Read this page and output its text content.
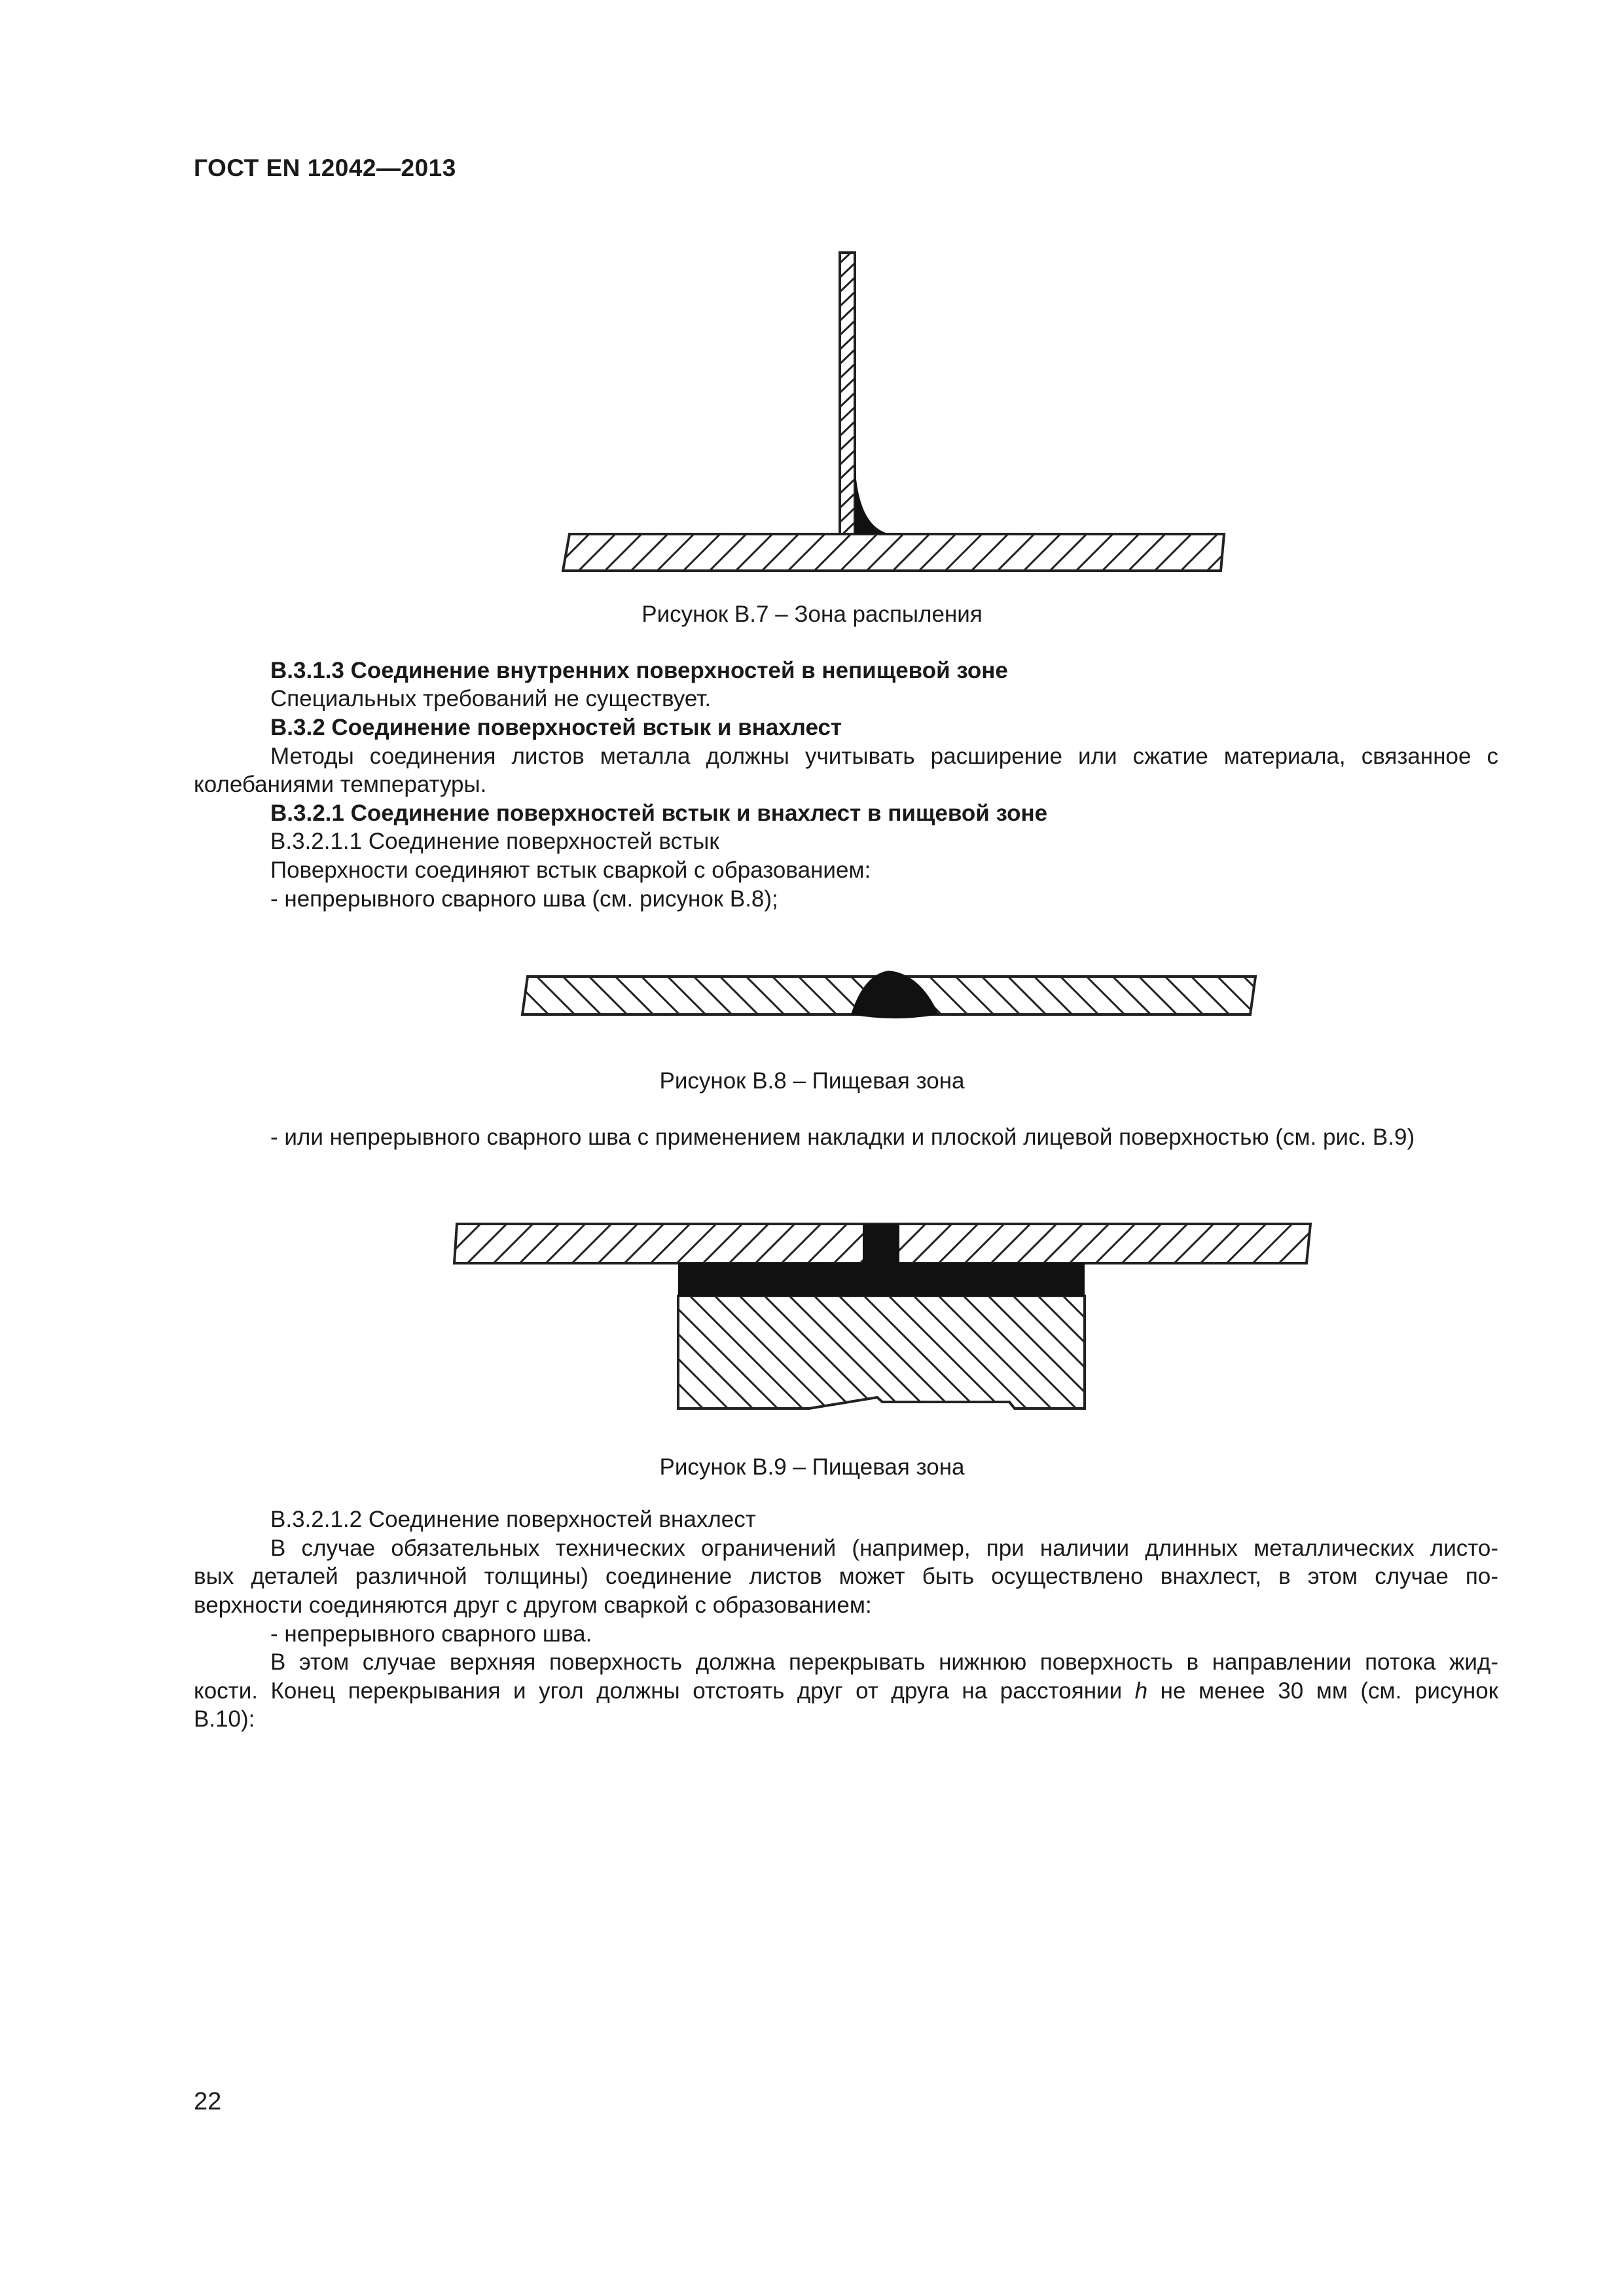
ГОСТ EN 12042—2013
Рисунок В.7 – Зона распыления
В.3.1.3 Соединение внутренних поверхностей в непищевой зоне
Специальных требований не существует.
В.3.2 Соединение поверхностей встык и внахлест
Методы соединения листов металла должны учитывать расширение или сжатие материала, связанное с
колебаниями температуры.
В.3.2.1 Соединение поверхностей встык и внахлест в пищевой зоне
В.3.2.1.1 Соединение поверхностей встык
Поверхности соединяют встык сваркой с образованием:
- непрерывного сварного шва (см. рисунок В.8);
Рисунок В.8 – Пищевая зона
- или непрерывного сварного шва с применением накладки и плоской лицевой поверхностью (см. рис. В.9)
Рисунок В.9 – Пищевая зона
В.3.2.1.2 Соединение поверхностей внахлест
В случае обязательных технических ограничений (например, при наличии длинных металлических листо-
вых деталей различной толщины) соединение листов может быть осуществлено внахлест, в этом случае по-
верхности соединяются друг с другом сваркой с образованием:
- непрерывного сварного шва.
В этом случае верхняя поверхность должна перекрывать нижнюю поверхность в направлении потока жид-
кости. Конец перекрывания и угол должны отстоять друг от друга на расстоянии h не менее 30 мм (см. рисунок
В.10):
22
